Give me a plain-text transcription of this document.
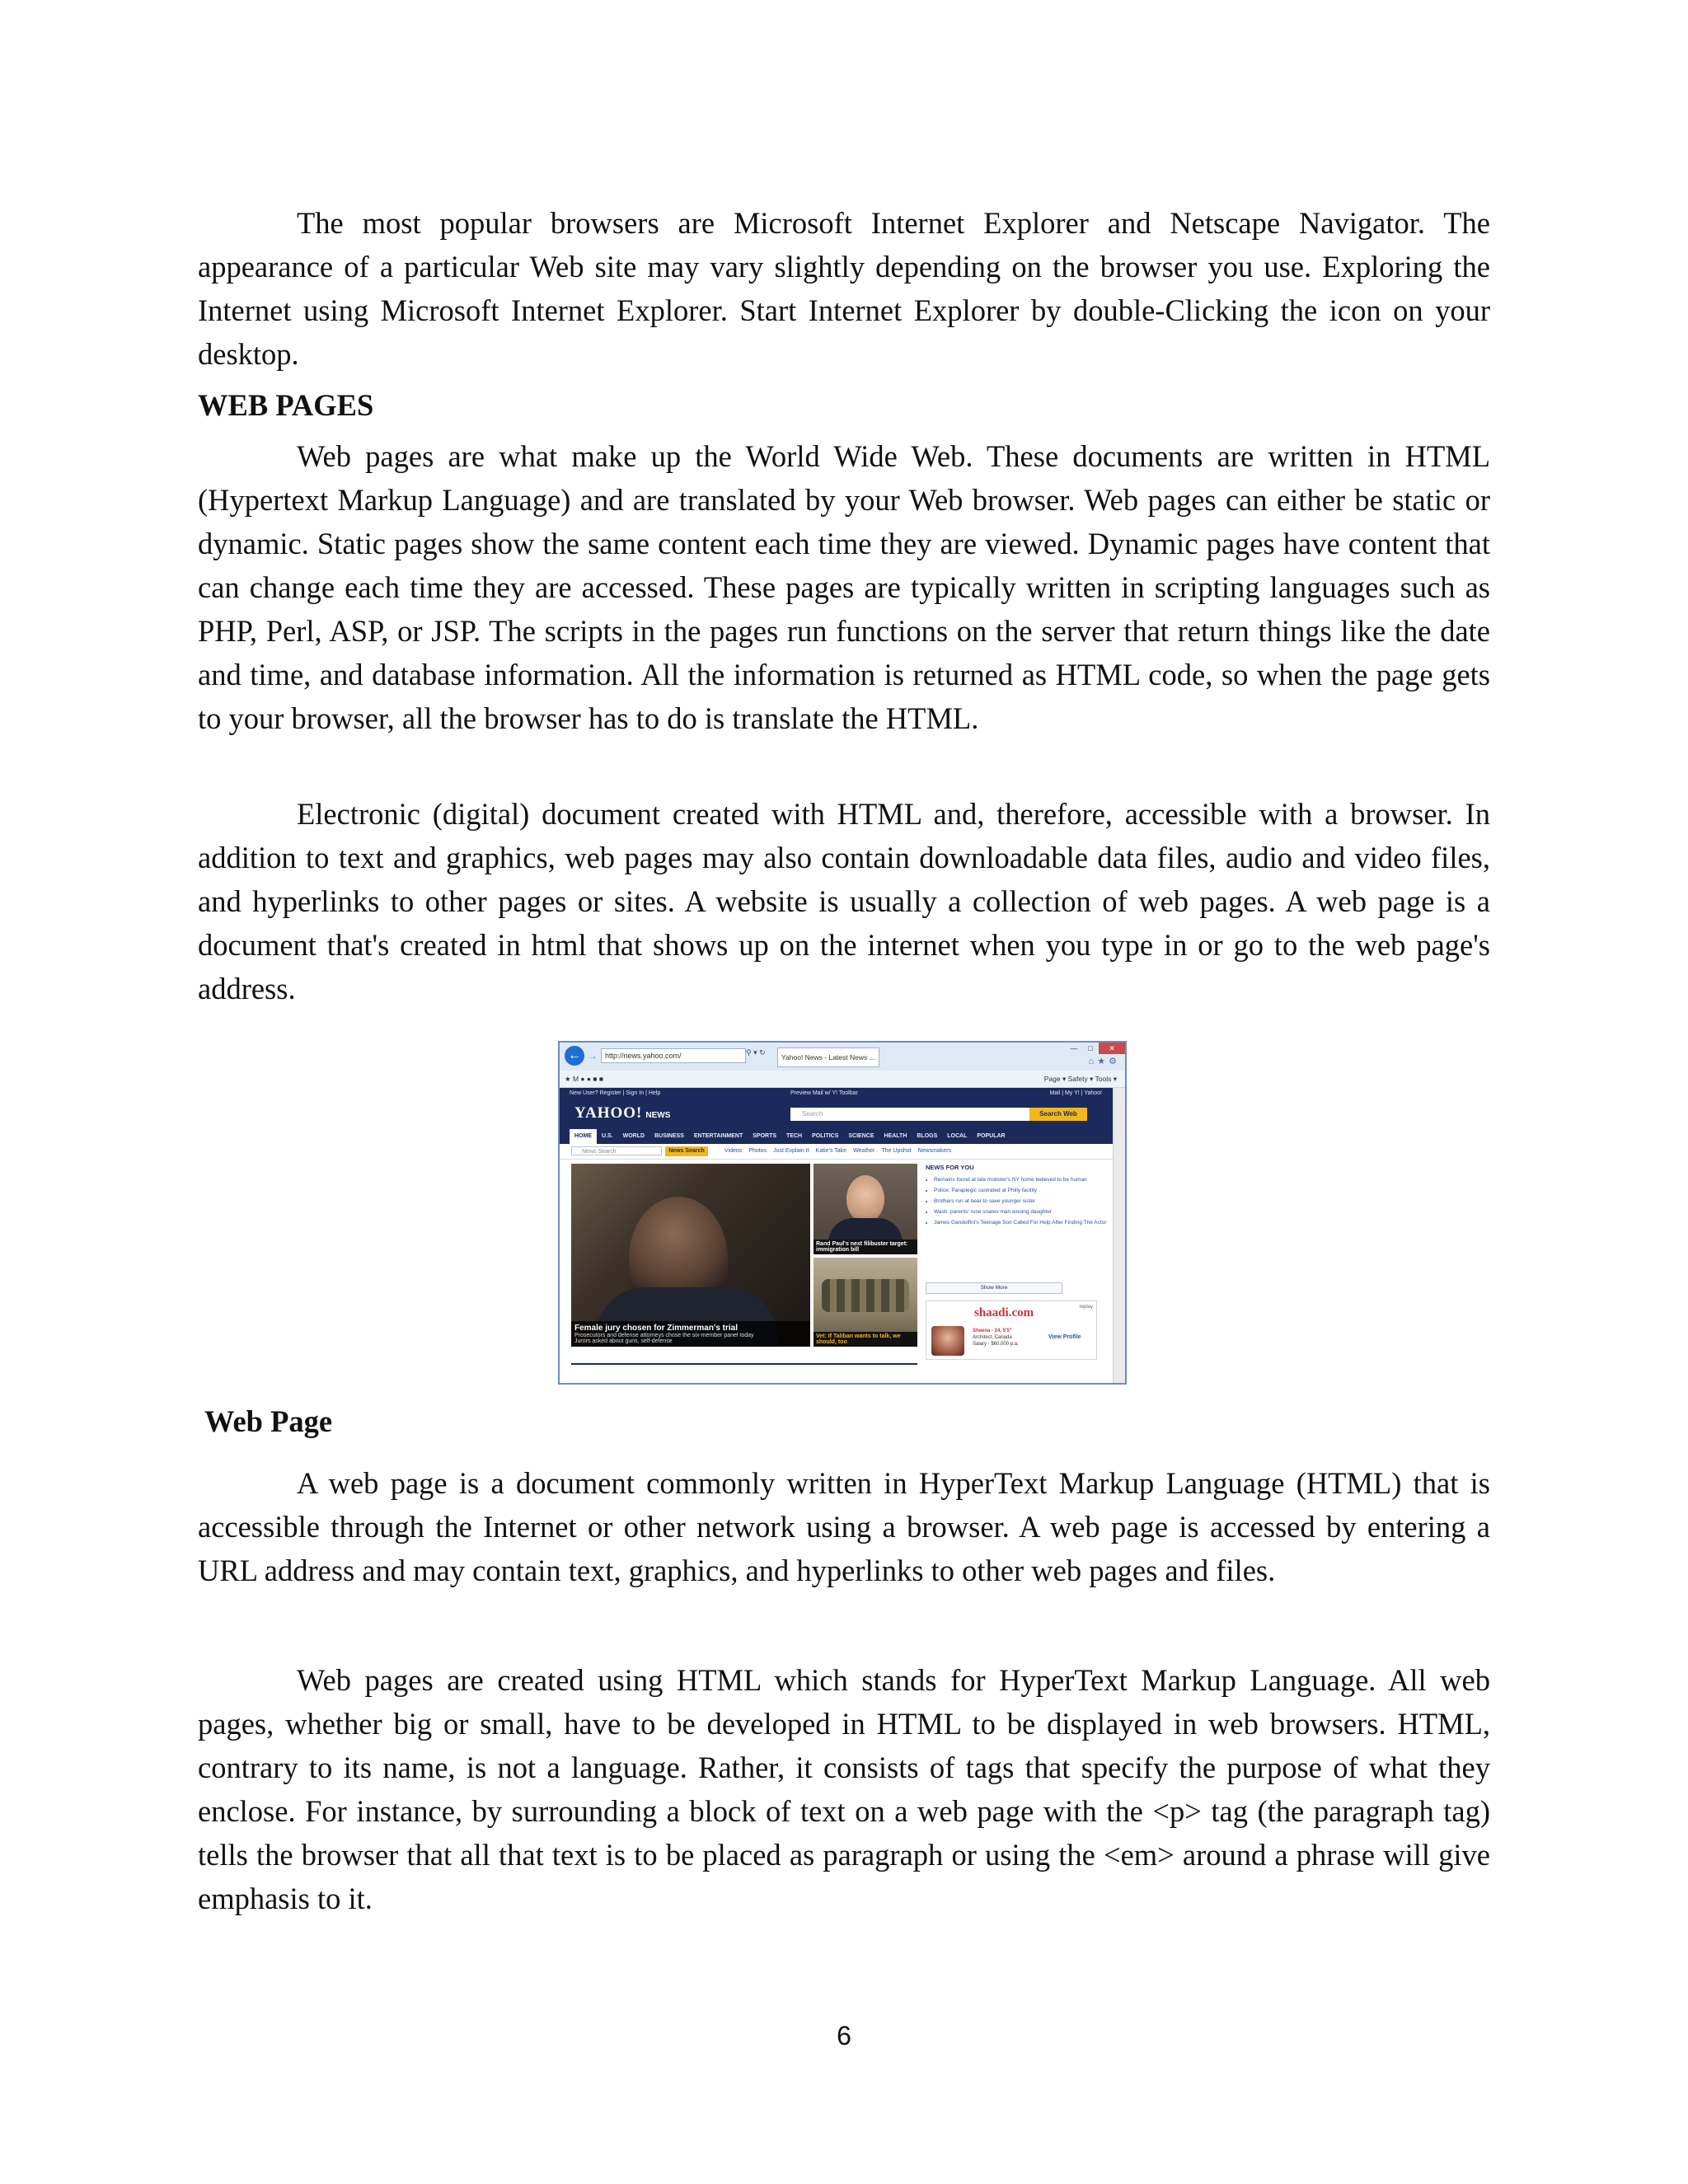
The most popular browsers are Microsoft Internet Explorer and Netscape Navigator. The appearance of a particular Web site may vary slightly depending on the browser you use. Exploring the Internet using Microsoft Internet Explorer. Start Internet Explorer by double-Clicking the icon on your desktop.

WEB PAGES

Web pages are what make up the World Wide Web. These documents are written in HTML (Hypertext Markup Language) and are translated by your Web browser. Web pages can either be static or dynamic. Static pages show the same content each time they are viewed. Dynamic pages have content that can change each time they are accessed. These pages are typically written in scripting languages such as PHP, Perl, ASP, or JSP. The scripts in the pages run functions on the server that return things like the date and time, and database information. All the information is returned as HTML code, so when the page gets to your browser, all the browser has to do is translate the HTML.

Electronic (digital) document created with HTML and, therefore, accessible with a browser. In addition to text and graphics, web pages may also contain downloadable data files, audio and video files, and hyperlinks to other pages or sites. A website is usually a collection of web pages. A web page is a document that's created in html that shows up on the internet when you type in or go to the web page's address.

← →	http://news.yahoo.com/	⚲ ▾ ↻
Yahoo! News - Latest News ...
—	□	✕
⌂★⚙
★ M ● ● ■ ■	Page ▾ Safety ▾ Tools ▾
New User? Register | Sign In | Help	Preview Mail w/ Y! Toolbar	Mail | My Y! | Yahoo!
YAHOO! NEWS	Search	Search Web
HOME	U.S.	WORLD	BUSINESS	ENTERTAINMENT	SPORTS	TECH	POLITICS	SCIENCE	HEALTH	BLOGS	LOCAL	POPULAR
News Search	News Search	Videos Photos Just Explain It Katie's Take Weather The Upshot Newsmakers
Female jury chosen for Zimmerman's trial
Prosecutors and defense attorneys chose the six-member panel today
Jurors asked about guns, self-defense
Rand Paul's next filibuster target: immigration bill
Vet: If Taliban wants to talk, we should, too
NEWS FOR YOU
• Remains found at late mobster's NY home believed to be human
• Police: Paraplegic castrated at Philly facility
• Brothers run at bear to save younger sister
• Wash. parents' ruse snares man wooing daughter
• James Gandolfini's Teenage Son Called For Help After Finding The Actor
Show More
shaadi.com	replay
Sheena - 24, 5'5"
Architect, Canada
Salary - $60,000 p.a.
View Profile
Web Page

A web page is a document commonly written in HyperText Markup Language (HTML) that is accessible through the Internet or other network using a browser. A web page is accessed by entering a URL address and may contain text, graphics, and hyperlinks to other web pages and files.

Web pages are created using HTML which stands for HyperText Markup Language. All web pages, whether big or small, have to be developed in HTML to be displayed in web browsers. HTML, contrary to its name, is not a language. Rather, it consists of tags that specify the purpose of what they enclose. For instance, by surrounding a block of text on a web page with the <p> tag (the paragraph tag) tells the browser that all that text is to be placed as paragraph or using the <em> around a phrase will give emphasis to it.

6
